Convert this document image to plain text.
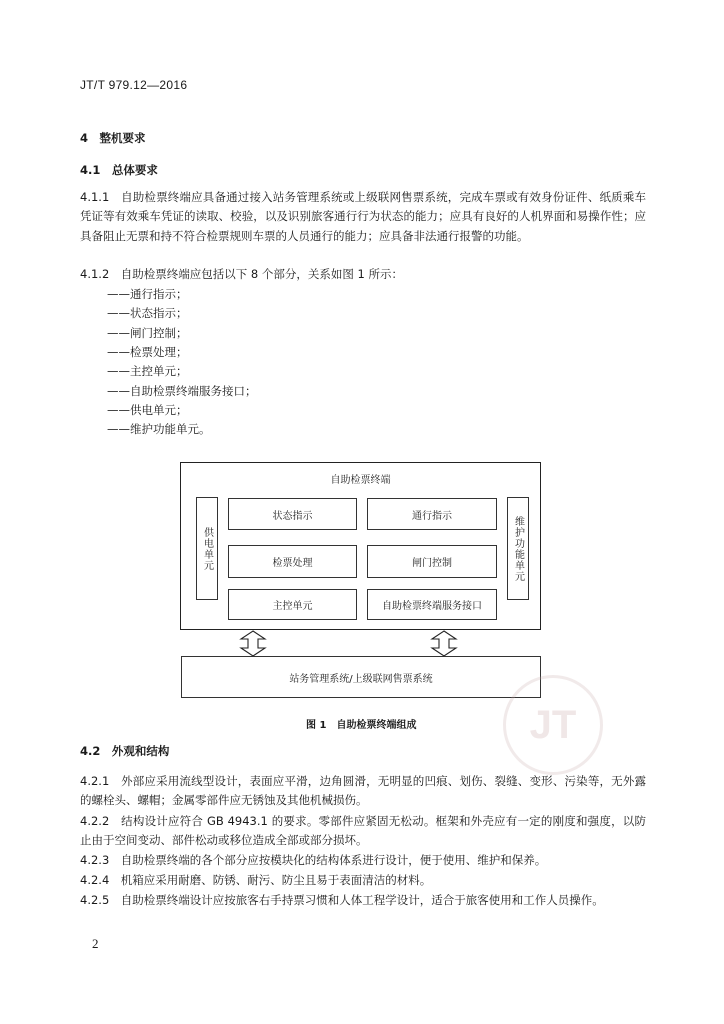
JT/T 979.12—2016
4　整机要求
4.1　总体要求
4.1.1　自助检票终端应具备通过接入站务管理系统或上级联网售票系统，完成车票或有效身份证件、纸质乘车凭证等有效乘车凭证的读取、校验，以及识别旅客通行行为状态的能力；应具有良好的人机界面和易操作性；应具备阻止无票和持不符合检票规则车票的人员通行的能力；应具备非法通行报警的功能。
4.1.2　自助检票终端应包括以下 8 个部分，关系如图 1 所示：
——通行指示；
——状态指示；
——闸门控制；
——检票处理；
——主控单元；
——自助检票终端服务接口；
——供电单元；
——维护功能单元。
自助检票终端
供电单元	维护功能单元
状态指示	通行指示
检票处理	闸门控制
主控单元	自助检票终端服务接口
站务管理系统/上级联网售票系统
JT
图 1　自助检票终端组成
4.2　外观和结构
4.2.1　外部应采用流线型设计，表面应平滑，边角圆滑，无明显的凹痕、划伤、裂缝、变形、污染等，无外露的螺栓头、螺帽；金属零部件应无锈蚀及其他机械损伤。
4.2.2　结构设计应符合 GB 4943.1 的要求。零部件应紧固无松动。框架和外壳应有一定的刚度和强度，以防止由于空间变动、部件松动或移位造成全部或部分损坏。
4.2.3　自助检票终端的各个部分应按模块化的结构体系进行设计，便于使用、维护和保养。
4.2.4　机箱应采用耐磨、防锈、耐污、防尘且易于表面清洁的材料。
4.2.5　自助检票终端设计应按旅客右手持票习惯和人体工程学设计，适合于旅客使用和工作人员操作。
2
